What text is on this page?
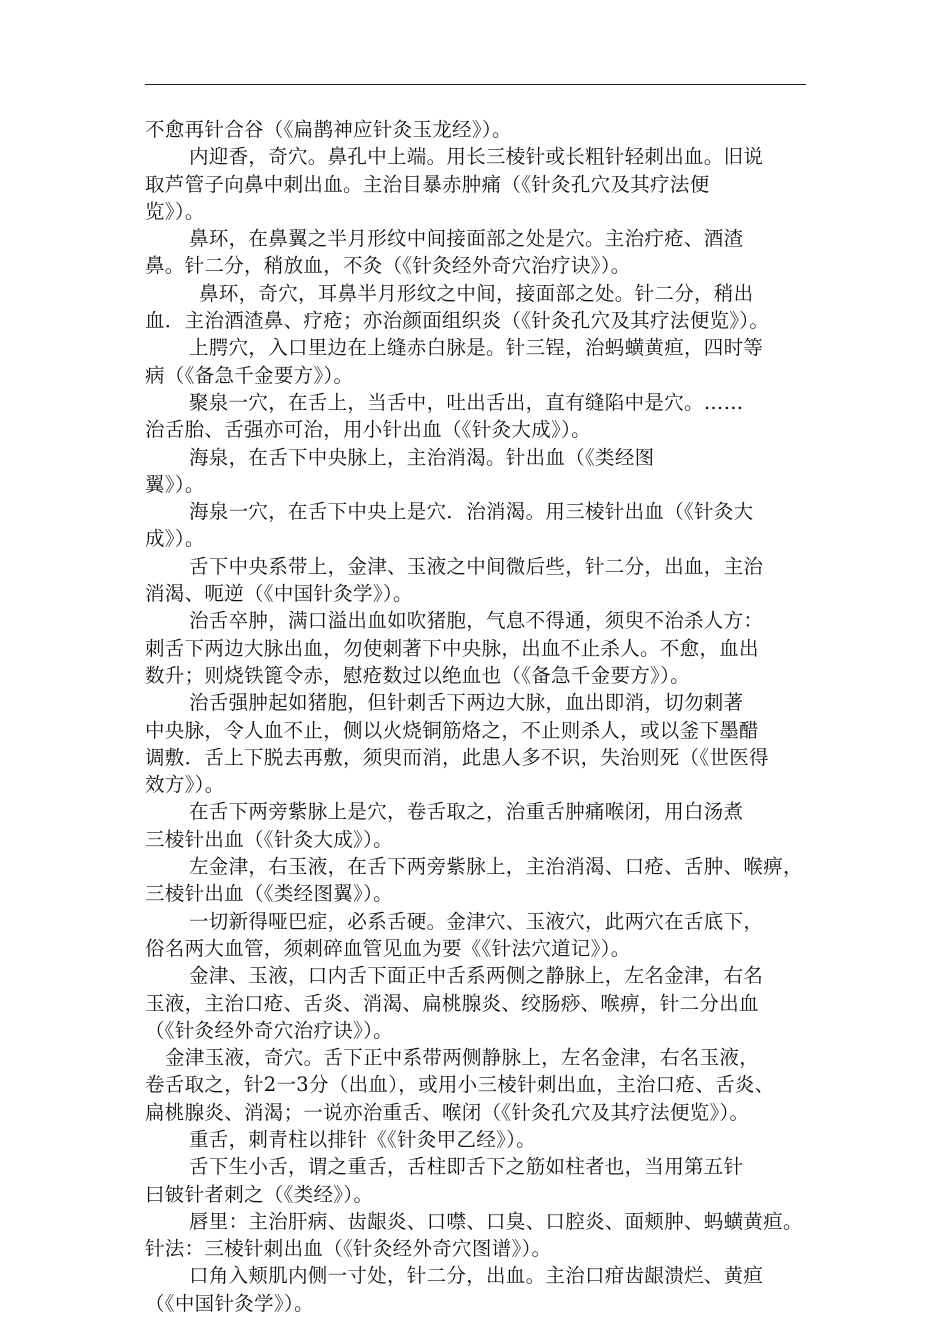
不愈再针合谷（《扁鹊神应针灸玉龙经》）。
内迎香，奇穴。鼻孔中上端。用长三棱针或长粗针轻刺出血。旧说
取芦管子向鼻中刺出血。主治目暴赤肿痛（《针灸孔穴及其疗法便
览》）。
鼻环，在鼻翼之半月形纹中间接面部之处是穴。主治疔疮、酒渣
鼻。针二分，稍放血，不灸（《针灸经外奇穴治疗诀》）。
鼻环，奇穴，耳鼻半月形纹之中间，接面部之处。针二分，稍出
血．主治酒渣鼻、疗疮；亦治颜面组织炎（《针灸孔穴及其疗法便览》）。
上腭穴，入口里边在上缝赤白脉是。针三锃，治蚂蟥黄疸，四时等
病（《备急千金要方》）。
聚泉一穴，在舌上，当舌中，吐出舌出，直有缝陷中是穴。……
治舌胎、舌强亦可治，用小针出血（《针灸大成》）。
海泉，在舌下中央脉上，主治消渴。针出血（《类经图
翼》）。
海泉一穴，在舌下中央上是穴．治消渴。用三棱针出血（《针灸大
成》）。
舌下中央系带上，金津、玉液之中间微后些，针二分，出血，主治
消渴、呃逆（《中国针灸学》）。
治舌卒肿，满口溢出血如吹猪胞，气息不得通，须臾不治杀人方：
刺舌下两边大脉出血，勿使刺著下中央脉，出血不止杀人。不愈，血出
数升；则烧铁篦令赤，慰疮数过以绝血也（《备急千金要方》）。
治舌强肿起如猪胞，但针刺舌下两边大脉，血出即消，切勿刺著
中央脉，令人血不止，侧以火烧铜筋烙之，不止则杀人，或以釜下墨醋
调敷．舌上下脱去再敷，须臾而消，此患人多不识，失治则死（《世医得
效方》）。
在舌下两旁紫脉上是穴，卷舌取之，治重舌肿痛喉闭，用白汤煮
三棱针出血（《针灸大成》）。
左金津，右玉液，在舌下两旁紫脉上，主治消渴、口疮、舌肿、喉痹，
三棱针出血（《类经图翼》）。
一切新得哑巴症，必系舌硬。金津穴、玉液穴，此两穴在舌底下，
俗名两大血管，须刺碎血管见血为要《《针法穴道记》）。
金津、玉液，口内舌下面正中舌系两侧之静脉上，左名金津，右名
玉液，主治口疮、舌炎、消渴、扁桃腺炎、绞肠痧、喉痹，针二分出血
（《针灸经外奇穴治疗诀》）。
金津玉液，奇穴。舌下正中系带两侧静脉上，左名金津，右名玉液，
卷舌取之，针2一3分（出血），或用小三棱针刺出血，主治口疮、舌炎、
扁桃腺炎、消渴；一说亦治重舌、喉闭（《针灸孔穴及其疗法便览》）。
重舌，刺青柱以排针《《针灸甲乙经》）。
舌下生小舌，谓之重舌，舌柱即舌下之筋如柱者也，当用第五针
曰铍针者刺之（《类经》）。
唇里：主治肝病、齿龈炎、口噤、口臭、口腔炎、面颊肿、蚂蟥黄疸。
针法：三棱针刺出血（《针灸经外奇穴图谱》）。
口角入颊肌内侧一寸处，针二分，出血。主治口疳齿龈溃烂、黄疸
（《中国针灸学》）。
